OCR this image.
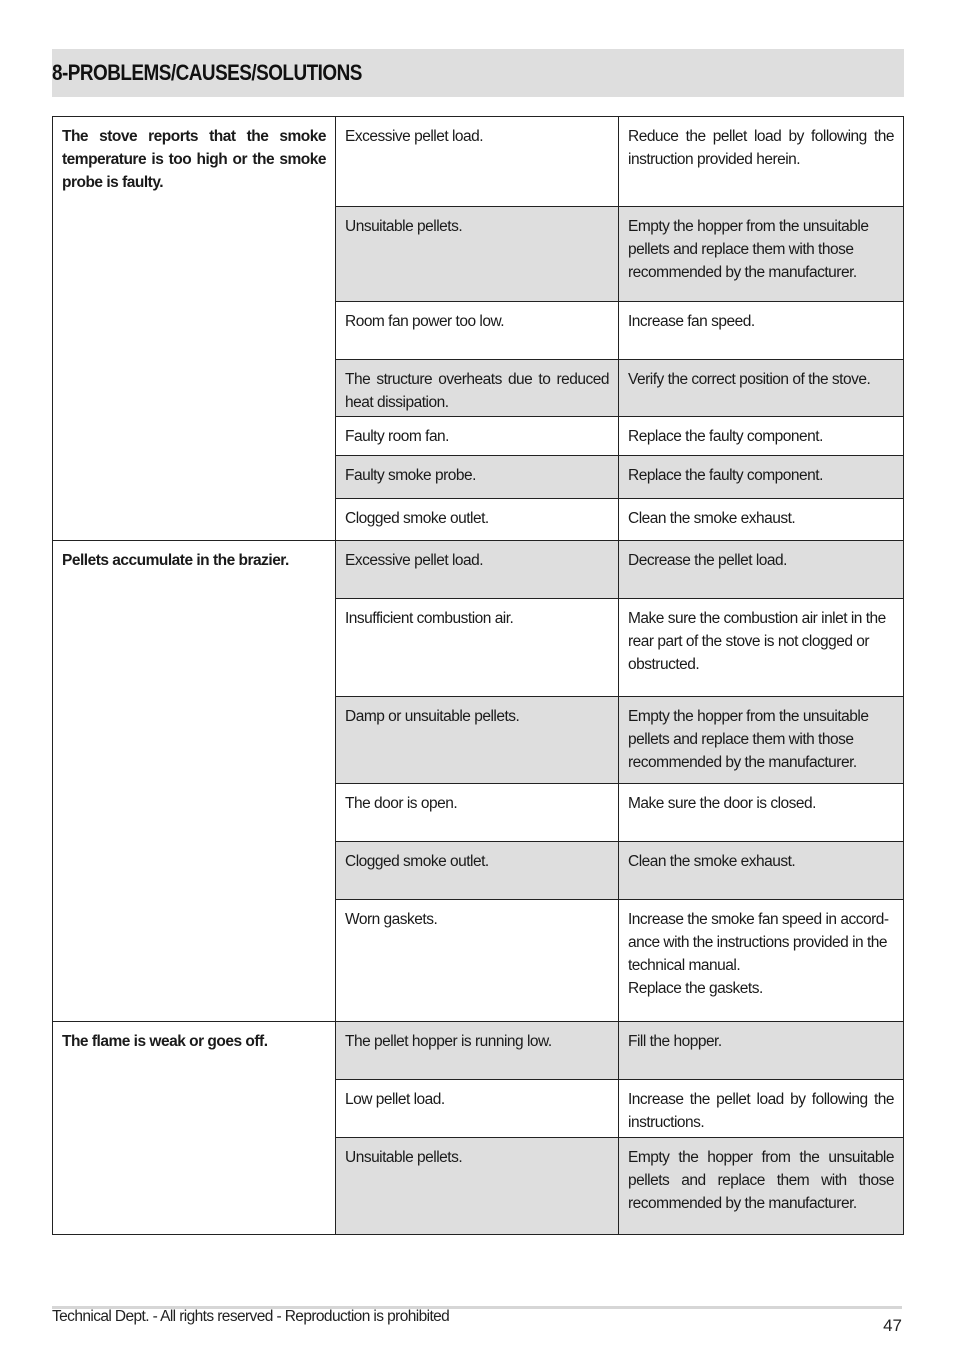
8-PROBLEMS/CAUSES/SOLUTIONS
The stove reports that the smoke temperature is too high or the smoke probe is faulty.	Excessive pellet load.	Reduce the pellet load by following the instruction provided herein.
	Unsuitable pellets.	Empty the hopper from the unsuitable pellets and replace them with those recommended by the manufacturer.
	Room fan power too low.	Increase fan speed.
	The structure overheats due to reduced heat dissipation.	Verify the correct position of the stove.
	Faulty room fan.	Replace the faulty component.
	Faulty smoke probe.	Replace the faulty component.
	Clogged smoke outlet.	Clean the smoke exhaust.
Pellets accumulate in the brazier.	Excessive pellet load.	Decrease the pellet load.
	Insufficient combustion air.	Make sure the combustion air inlet in the rear part of the stove is not clogged or obstructed.
	Damp or unsuitable pellets.	Empty the hopper from the unsuitable pellets and replace them with those recommended by the manufacturer.
	The door is open.	Make sure the door is closed.
	Clogged smoke outlet.	Clean the smoke exhaust.
	Worn gaskets.	Increase the smoke fan speed in accord-ance with the instructions provided in the technical manual.
Replace the gaskets.

The flame is weak or goes off.	The pellet hopper is running low.	Fill the hopper.
	Low pellet load.	Increase the pellet load by following the instructions.
	Unsuitable pellets.	Empty the hopper from the unsuitable pellets and replace them with those recommended by the manufacturer.
Technical Dept. - All rights reserved - Reproduction is prohibited	47
